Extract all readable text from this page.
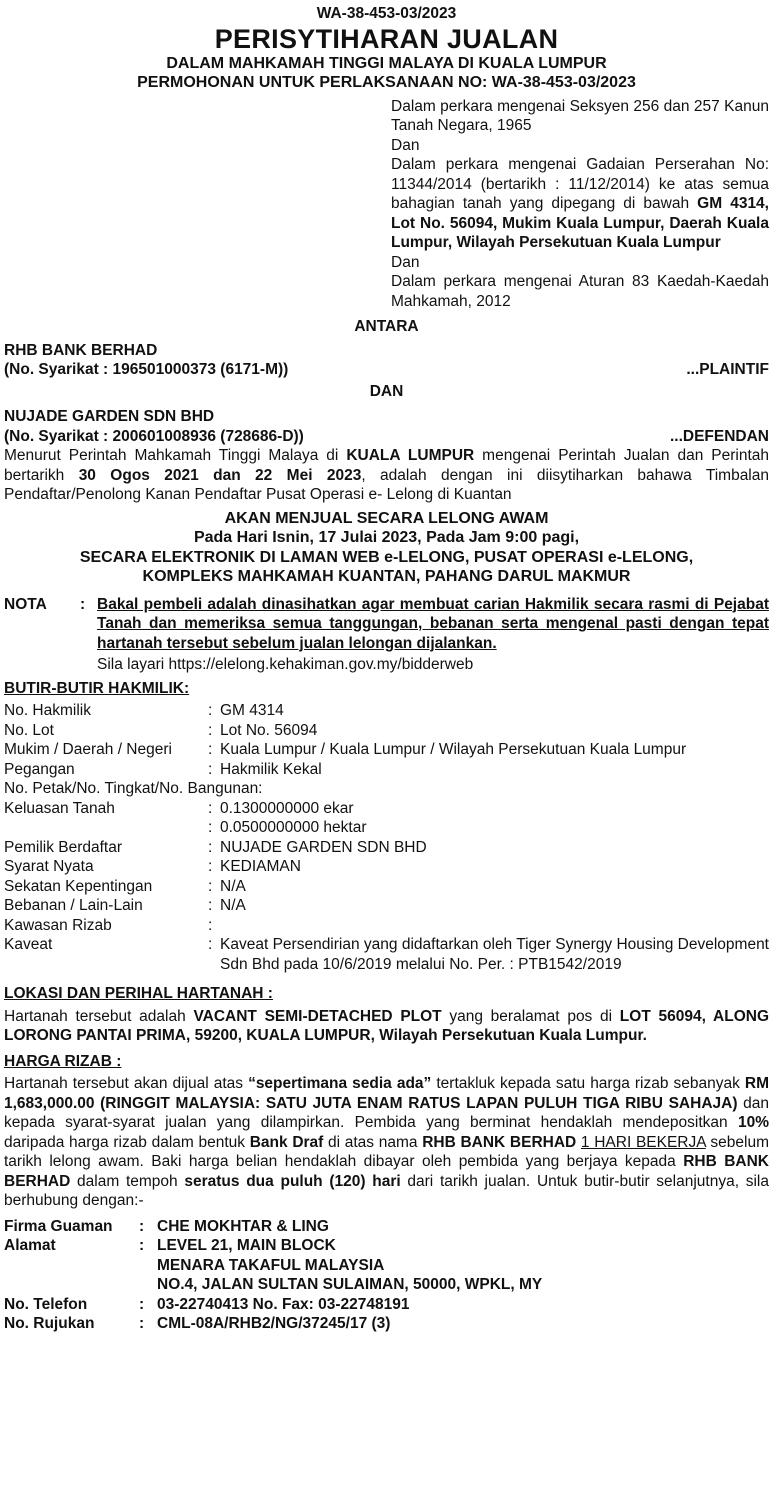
WA-38-453-03/2023
PERISYTIHARAN JUALAN
DALAM MAHKAMAH TINGGI MALAYA DI KUALA LUMPUR
PERMOHONAN UNTUK PERLAKSANAAN NO: WA-38-453-03/2023

Dalam perkara mengenai Seksyen 256 dan 257 Kanun Tanah Negara, 1965

Dan

Dalam perkara mengenai Gadaian Perserahan No: 11344/2014 (bertarikh : 11/12/2014) ke atas semua bahagian tanah yang dipegang di bawah GM 4314, Lot No. 56094, Mukim Kuala Lumpur, Daerah Kuala Lumpur, Wilayah Persekutuan Kuala Lumpur

Dan

Dalam perkara mengenai Aturan 83 Kaedah-Kaedah Mahkamah, 2012

ANTARA
RHB BANK BERHAD
(No. Syarikat : 196501000373 (6171-M))	...PLAINTIF
DAN
NUJADE GARDEN SDN BHD
(No. Syarikat : 200601008936 (728686-D))	...DEFENDAN
Menurut Perintah Mahkamah Tinggi Malaya di KUALA LUMPUR mengenai Perintah Jualan dan Perintah bertarikh 30 Ogos 2021 dan 22 Mei 2023, adalah dengan ini diisytiharkan bahawa Timbalan Pendaftar/Penolong Kanan Pendaftar Pusat Operasi e- Lelong di Kuantan
AKAN MENJUAL SECARA LELONG AWAM
Pada Hari Isnin, 17 Julai 2023, Pada Jam 9:00 pagi,
SECARA ELEKTRONIK DI LAMAN WEB e-LELONG, PUSAT OPERASI e-LELONG,
KOMPLEKS MAHKAMAH KUANTAN, PAHANG DARUL MAKMUR
NOTA	: Bakal pembeli adalah dinasihatkan agar membuat carian Hakmilik secara rasmi di Pejabat Tanah dan memeriksa semua tanggungan, bebanan serta mengenal pasti dengan tepat hartanah tersebut sebelum jualan lelongan dijalankan.
Sila layari https://elelong.kehakiman.gov.my/bidderweb
BUTIR-BUTIR HAKMILIK:
No. Hakmilik	: GM 4314
No. Lot	: Lot No. 56094
Mukim / Daerah / Negeri	: Kuala Lumpur / Kuala Lumpur / Wilayah Persekutuan Kuala Lumpur
Pegangan	: Hakmilik Kekal
No. Petak/No. Tingkat/No. Bangunan:
Keluasan Tanah	: 0.1300000000 ekar
: 0.0500000000 hektar
Pemilik Berdaftar	: NUJADE GARDEN SDN BHD
Syarat Nyata	: KEDIAMAN
Sekatan Kepentingan	: N/A
Bebanan / Lain-Lain	: N/A
Kawasan Rizab	:
Kaveat	: Kaveat Persendirian yang didaftarkan oleh Tiger Synergy Housing Development Sdn Bhd pada 10/6/2019 melalui No. Per. : PTB1542/2019
LOKASI DAN PERIHAL HARTANAH :
Hartanah tersebut adalah VACANT SEMI-DETACHED PLOT yang beralamat pos di LOT 56094, ALONG LORONG PANTAI PRIMA, 59200, KUALA LUMPUR, Wilayah Persekutuan Kuala Lumpur.
HARGA RIZAB :
Hartanah tersebut akan dijual atas “sepertimana sedia ada” tertakluk kepada satu harga rizab sebanyak RM 1,683,000.00 (RINGGIT MALAYSIA: SATU JUTA ENAM RATUS LAPAN PULUH TIGA RIBU SAHAJA) dan kepada syarat-syarat jualan yang dilampirkan. Pembida yang berminat hendaklah mendepositkan 10% daripada harga rizab dalam bentuk Bank Draf di atas nama RHB BANK BERHAD 1 HARI BEKERJA sebelum tarikh lelong awam. Baki harga belian hendaklah dibayar oleh pembida yang berjaya kepada RHB BANK BERHAD dalam tempoh seratus dua puluh (120) hari dari tarikh jualan. Untuk butir-butir selanjutnya, sila berhubung dengan:-
Firma Guaman	: CHE MOKHTAR & LING
Alamat	: LEVEL 21, MAIN BLOCK
MENARA TAKAFUL MALAYSIA
NO.4, JALAN SULTAN SULAIMAN, 50000, WPKL, MY
No. Telefon	: 03-22740413 No. Fax: 03-22748191
No. Rujukan	: CML-08A/RHB2/NG/37245/17 (3)
